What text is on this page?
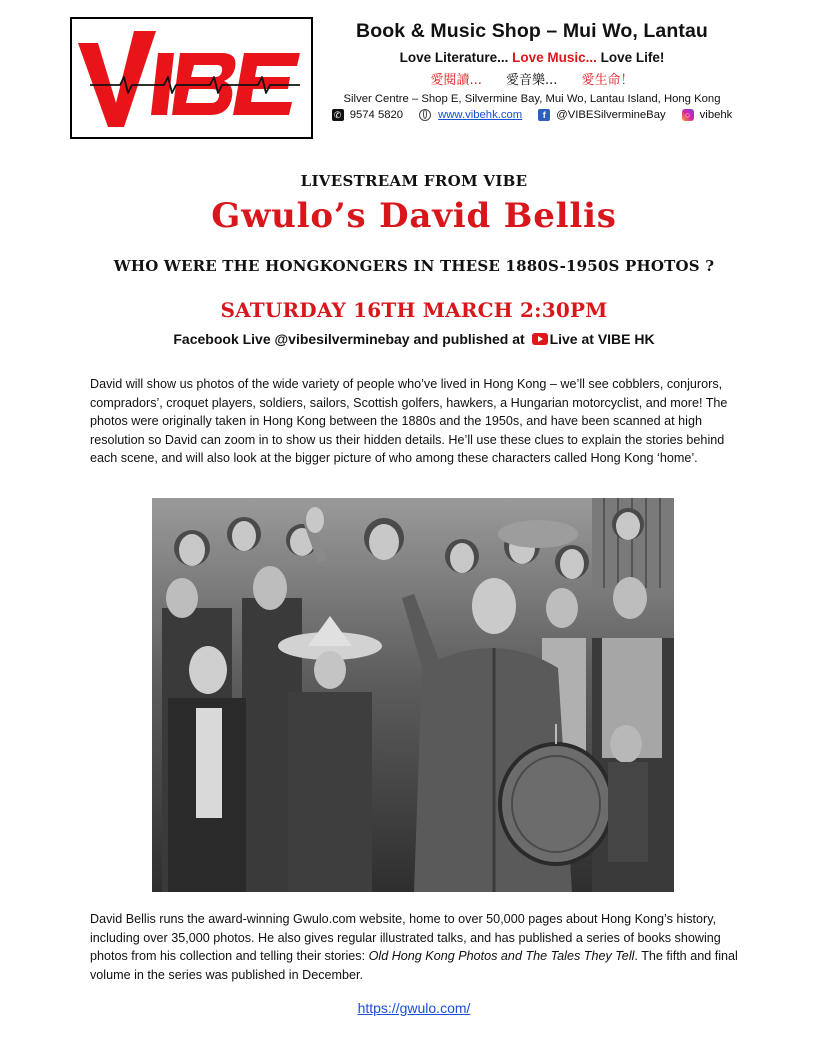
VIBE
Book & Music Shop – Mui Wo, Lantau
Love Literature... Love Music... Love Life!
愛閱讀... 愛音樂... 愛生命！
Silver Centre – Shop E, Silvermine Bay, Mui Wo, Lantau Island, Hong Kong
✆ 9574 5820	www.vibehk.com	f @VIBESilvermineBay	○ vibehk
LIVESTREAM FROM VIBE
Gwulo’s David Bellis
WHO WERE THE HONGKONGERS IN THESE 1880S-1950S PHOTOS ?
SATURDAY 16TH MARCH 2:30PM
Facebook Live @vibesilverminebay and published at Live at VIBE HK
David will show us photos of the wide variety of people who’ve lived in Hong Kong – we’ll see cobblers, conjurors, compradors’, croquet players, soldiers, sailors, Scottish golfers, hawkers, a Hungarian motorcyclist, and more! The photos were originally taken in Hong Kong between the 1880s and the 1950s, and have been scanned at high resolution so David can zoom in to show us their hidden details. He’ll use these clues to explain the stories behind each scene, and will also look at the bigger picture of who among these characters called Hong Kong ‘home’.
David Bellis runs the award-winning Gwulo.com website, home to over 50,000 pages about Hong Kong’s history, including over 35,000 photos. He also gives regular illustrated talks, and has published a series of books showing photos from his collection and telling their stories: Old Hong Kong Photos and The Tales They Tell. The fifth and final volume in the series was published in December.
https://gwulo.com/
